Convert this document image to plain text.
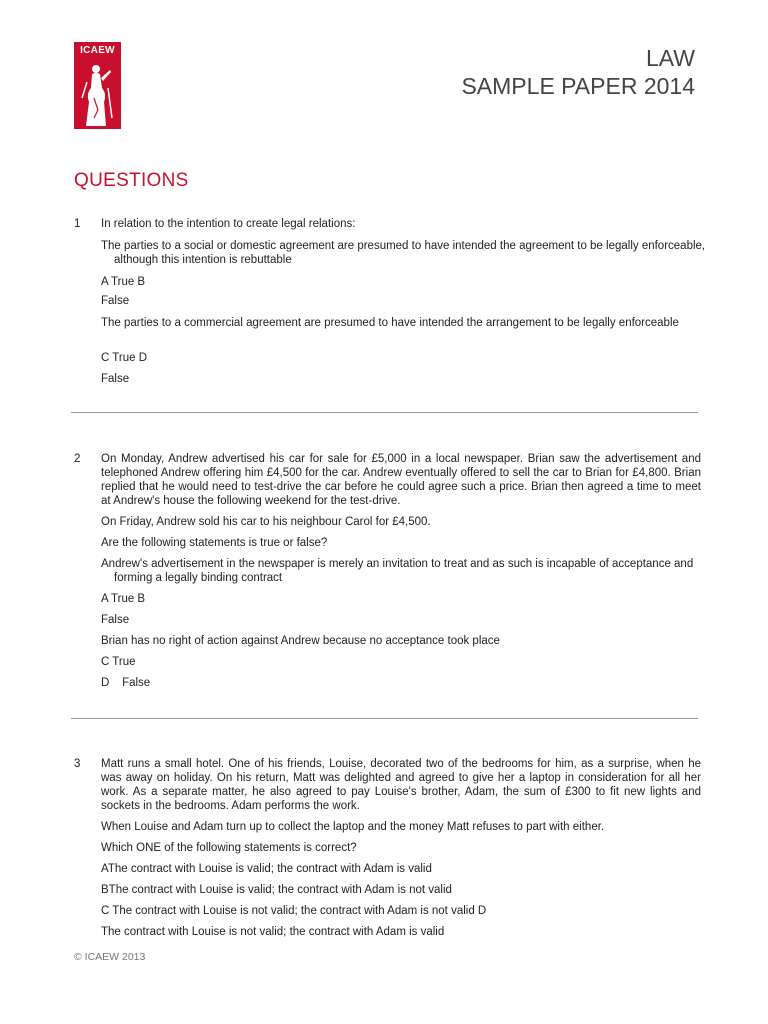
ICAEW	LAW
SAMPLE PAPER 2014
QUESTIONS
1 In relation to the intention to create legal relations:

The parties to a social or domestic agreement are presumed to have intended the agreement to be legally enforceable, although this intention is rebuttable

A True B

False

The parties to a commercial agreement are presumed to have intended the arrangement to be legally enforceable

C True D

False

2 On Monday, Andrew advertised his car for sale for £5,000 in a local newspaper. Brian saw the advertisement and telephoned Andrew offering him £4,500 for the car. Andrew eventually offered to sell the car to Brian for £4,800. Brian replied that he would need to test-drive the car before he could agree such a price. Brian then agreed a time to meet at Andrew's house the following weekend for the test-drive.

On Friday, Andrew sold his car to his neighbour Carol for £4,500.

Are the following statements is true or false?

Andrew's advertisement in the newspaper is merely an invitation to treat and as such is incapable of acceptance and forming a legally binding contract

A True B

False

Brian has no right of action against Andrew because no acceptance took place

C True

D    False

3 Matt runs a small hotel. One of his friends, Louise, decorated two of the bedrooms for him, as a surprise, when he was away on holiday. On his return, Matt was delighted and agreed to give her a laptop in consideration for all her work. As a separate matter, he also agreed to pay Louise's brother, Adam, the sum of £300 to fit new lights and sockets in the bedrooms. Adam performs the work.

When Louise and Adam turn up to collect the laptop and the money Matt refuses to part with either.

Which ONE of the following statements is correct?

AThe contract with Louise is valid; the contract with Adam is valid

BThe contract with Louise is valid; the contract with Adam is not valid

C The contract with Louise is not valid; the contract with Adam is not valid D

The contract with Louise is not valid; the contract with Adam is valid

© ICAEW 2013
